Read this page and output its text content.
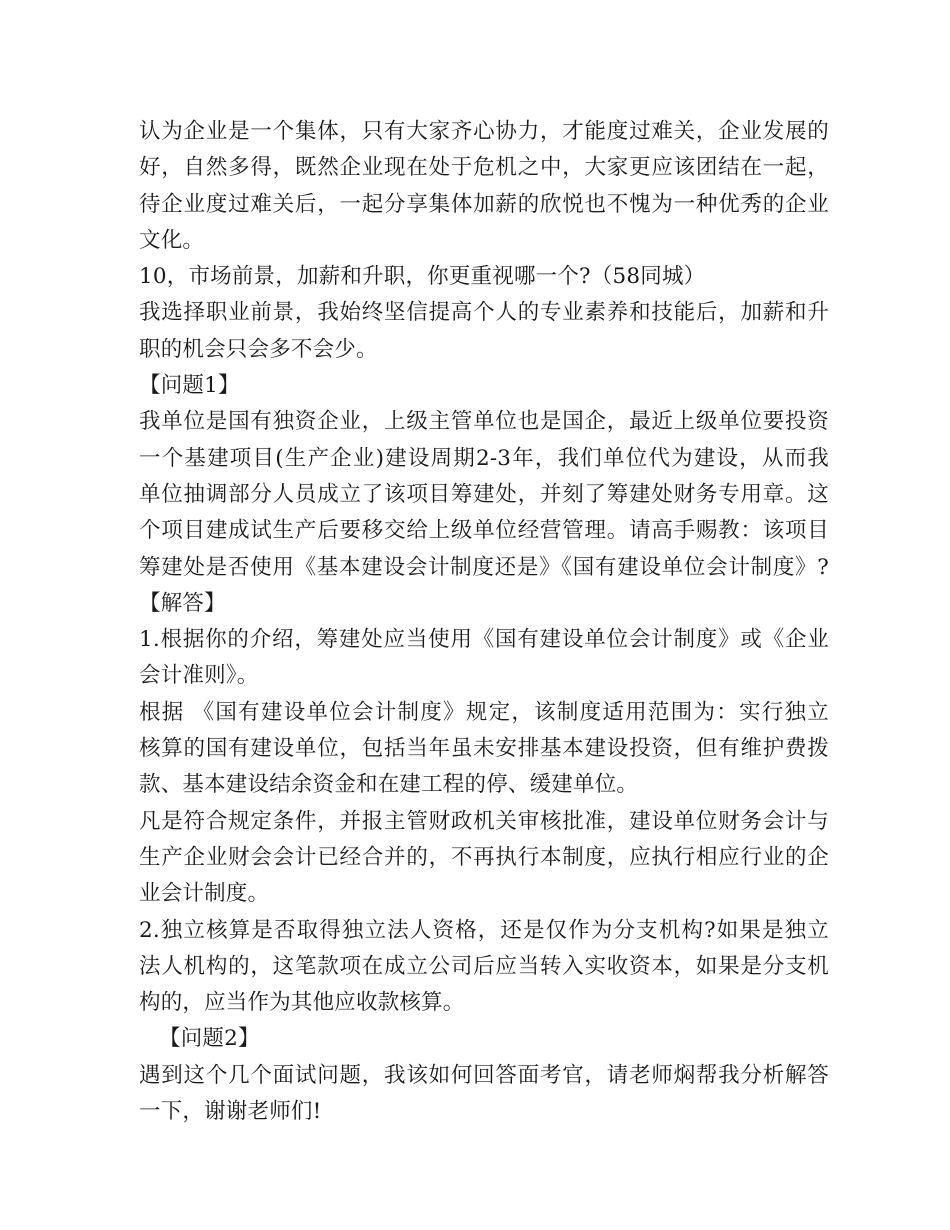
认为企业是一个集体，只有大家齐心协力，才能度过难关，企业发展的
好，自然多得，既然企业现在处于危机之中，大家更应该团结在一起，
待企业度过难关后，一起分享集体加薪的欣悦也不愧为一种优秀的企业
文化。
10，市场前景，加薪和升职，你更重视哪一个?（58同城）
我选择职业前景，我始终坚信提高个人的专业素养和技能后，加薪和升
职的机会只会多不会少。
【问题1】
我单位是国有独资企业，上级主管单位也是国企，最近上级单位要投资
一个基建项目(生产企业)建设周期2-3年，我们单位代为建设，从而我
单位抽调部分人员成立了该项目筹建处，并刻了筹建处财务专用章。这
个项目建成试生产后要移交给上级单位经营管理。请高手赐教：该项目
筹建处是否使用《基本建设会计制度还是》《国有建设单位会计制度》?
【解答】
1.根据你的介绍，筹建处应当使用《国有建设单位会计制度》或《企业
会计准则》。
根据 《国有建设单位会计制度》规定，该制度适用范围为：实行独立
核算的国有建设单位，包括当年虽未安排基本建设投资，但有维护费拨
款、基本建设结余资金和在建工程的停、缓建单位。
凡是符合规定条件，并报主管财政机关审核批准，建设单位财务会计与
生产企业财会会计已经合并的，不再执行本制度，应执行相应行业的企
业会计制度。
2.独立核算是否取得独立法人资格，还是仅作为分支机构?如果是独立
法人机构的，这笔款项在成立公司后应当转入实收资本，如果是分支机
构的，应当作为其他应收款核算。
【问题2】
遇到这个几个面试问题，我该如何回答面考官，请老师焖帮我分析解答
一下，谢谢老师们!
